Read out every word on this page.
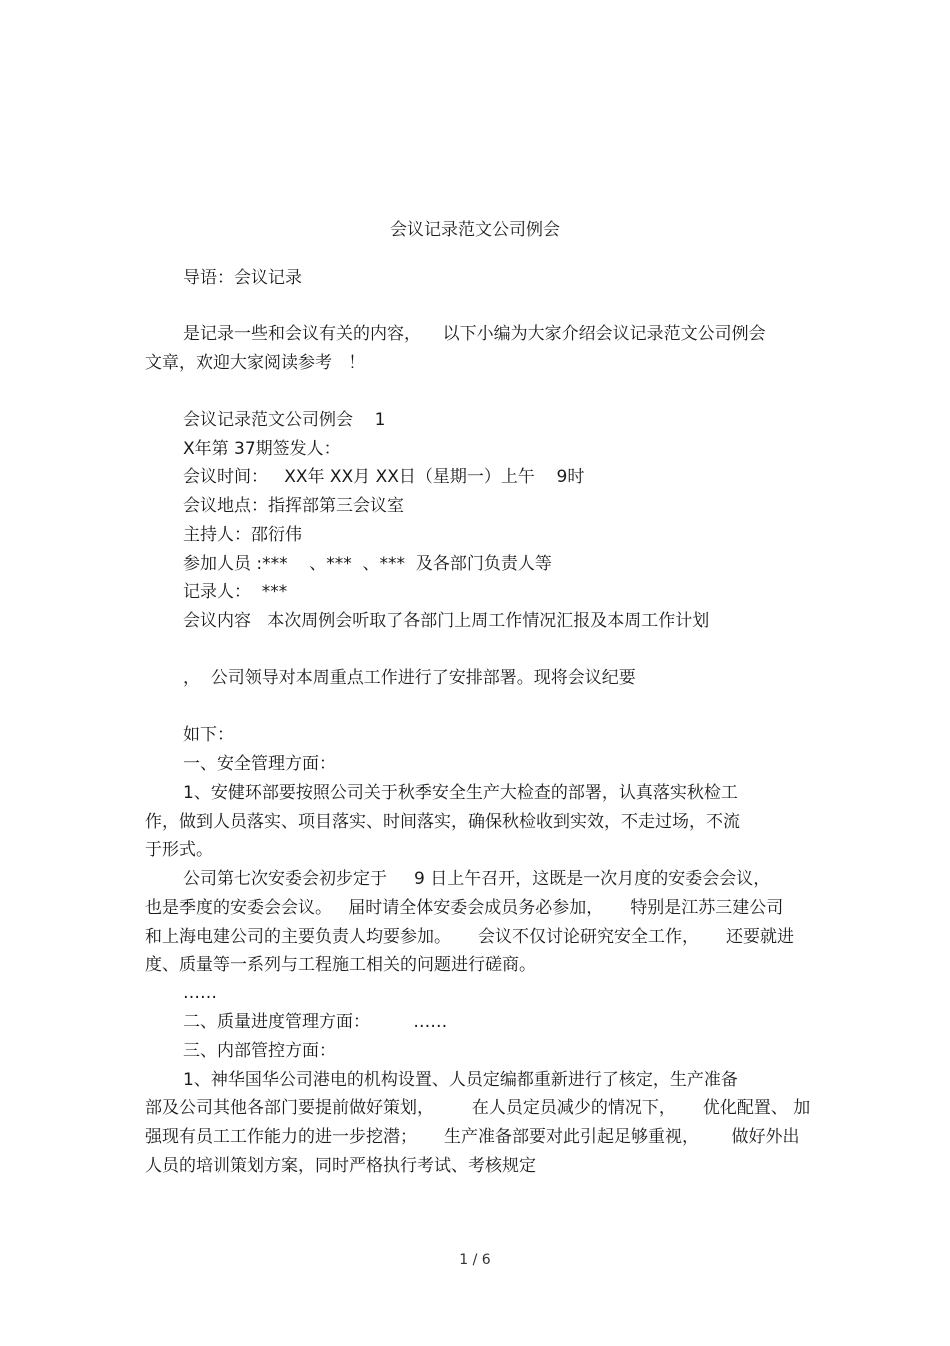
会议记录范文公司例会
导语：会议记录
是记录一些和会议有关的内容，    以下小编为大家介绍会议记录范文公司例会
文章，欢迎大家阅读参考   ！
会议记录范文公司例会    1
X年第 37期签发人：
会议时间：   XX年 XX月 XX日（星期一）上午    9时
会议地点：指挥部第三会议室
主持人：邵衍伟
参加人员 :***    、***  、***  及各部门负责人等
记录人：  ***
会议内容   本次周例会听取了各部门上周工作情况汇报及本周工作计划
，  公司领导对本周重点工作进行了安排部署。现将会议纪要
如下：
一、安全管理方面：
1、安健环部要按照公司关于秋季安全生产大检查的部署，认真落实秋检工
作，做到人员落实、项目落实、时间落实，确保秋检收到实效，不走过场，不流
于形式。
公司第七次安委会初步定于     9 日上午召开，这既是一次月度的安委会会议，
也是季度的安委会会议。   届时请全体安委会成员务必参加，     特别是江苏三建公司
和上海电建公司的主要负责人均要参加。     会议不仅讨论研究安全工作，     还要就进
度、质量等一系列与工程施工相关的问题进行磋商。
……
二、质量进度管理方面：        ……
三、内部管控方面：
1、神华国华公司港电的机构设置、人员定编都重新进行了核定，生产准备
部及公司其他各部门要提前做好策划，       在人员定员减少的情况下，     优化配置、 加
强现有员工工作能力的进一步挖潜；     生产准备部要对此引起足够重视，      做好外出
人员的培训策划方案，同时严格执行考试、考核规定
1 / 6
